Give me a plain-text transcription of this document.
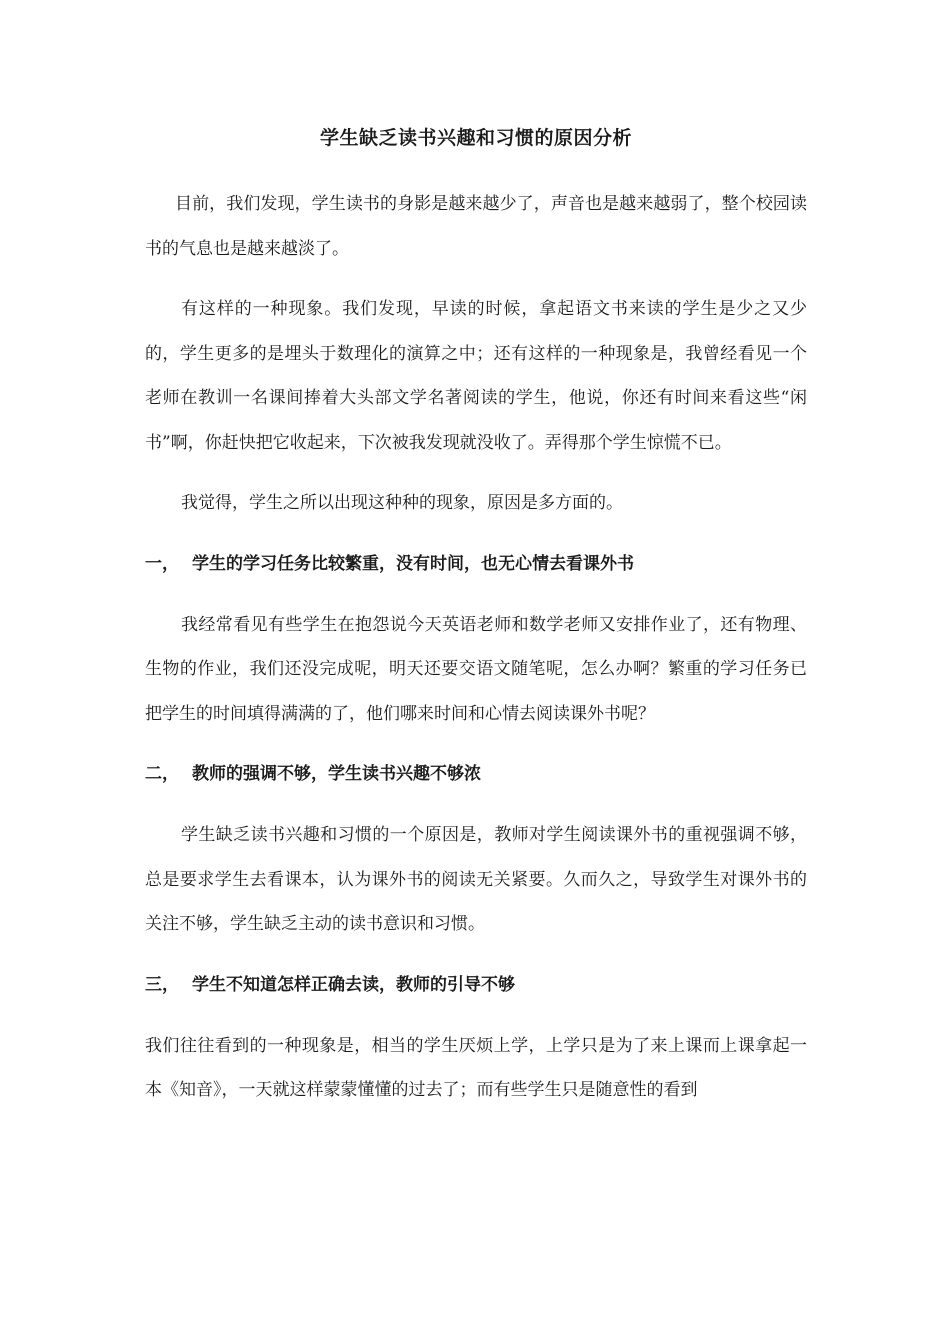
学生缺乏读书兴趣和习惯的原因分析

目前，我们发现，学生读书的身影是越来越少了，声音也是越来越弱了，整个校园读书的气息也是越来越淡了。

有这样的一种现象。我们发现，早读的时候，拿起语文书来读的学生是少之又少的，学生更多的是埋头于数理化的演算之中；还有这样的一种现象是，我曾经看见一个老师在教训一名课间捧着大头部文学名著阅读的学生，他说，你还有时间来看这些“闲书”啊，你赶快把它收起来，下次被我发现就没收了。弄得那个学生惊慌不已。

我觉得，学生之所以出现这种种的现象，原因是多方面的。

一， 学生的学习任务比较繁重，没有时间，也无心情去看课外书

我经常看见有些学生在抱怨说今天英语老师和数学老师又安排作业了，还有物理、生物的作业，我们还没完成呢，明天还要交语文随笔呢，怎么办啊？繁重的学习任务已把学生的时间填得满满的了，他们哪来时间和心情去阅读课外书呢？

二， 教师的强调不够，学生读书兴趣不够浓

学生缺乏读书兴趣和习惯的一个原因是，教师对学生阅读课外书的重视强调不够，总是要求学生去看课本，认为课外书的阅读无关紧要。久而久之，导致学生对课外书的关注不够，学生缺乏主动的读书意识和习惯。

三， 学生不知道怎样正确去读，教师的引导不够

我们往往看到的一种现象是，相当的学生厌烦上学，上学只是为了来上课而上课拿起一本《知音》，一天就这样蒙蒙懂懂的过去了；而有些学生只是随意性的看到
